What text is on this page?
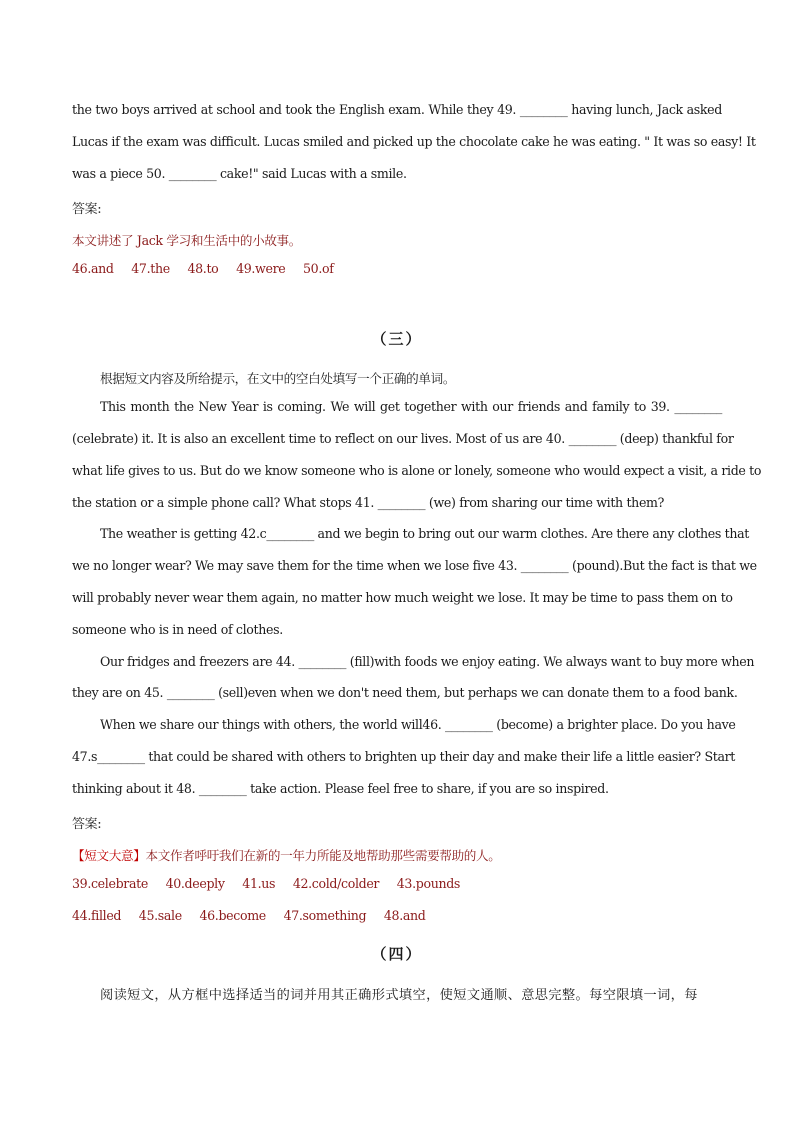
the two boys arrived at school and took the English exam. While they 49. ________ having lunch, Jack asked
Lucas if the exam was difficult. Lucas smiled and picked up the chocolate cake he was eating. " It was so easy! It
was a piece 50. ________ cake!" said Lucas with a smile.
答案:
本文讲述了 Jack 学习和生活中的小故事。
46.and 47.the 48.to 49.were 50.of
（三）
根据短文内容及所给提示，在文中的空白处填写一个正确的单词。
This month the New Year is coming. We will get together with our friends and family to 39. ________
(celebrate) it. It is also an excellent time to reflect on our lives. Most of us are 40. ________ (deep) thankful for
what life gives to us. But do we know someone who is alone or lonely, someone who would expect a visit, a ride to
the station or a simple phone call? What stops 41. ________ (we) from sharing our time with them?
The weather is getting 42.c________ and we begin to bring out our warm clothes. Are there any clothes that
we no longer wear? We may save them for the time when we lose five 43. ________ (pound).But the fact is that we
will probably never wear them again, no matter how much weight we lose. It may be time to pass them on to
someone who is in need of clothes.
Our fridges and freezers are 44. ________ (fill)with foods we enjoy eating. We always want to buy more when
they are on 45. ________ (sell)even when we don't need them, but perhaps we can donate them to a food bank.
When we share our things with others, the world will46. ________ (become) a brighter place. Do you have
47.s________ that could be shared with others to brighten up their day and make their life a little easier? Start
thinking about it 48. ________ take action. Please feel free to share, if you are so inspired.
答案:
【短文大意】本文作者呼吁我们在新的一年力所能及地帮助那些需要帮助的人。
39.celebrate 40.deeply 41.us 42.cold/colder 43.pounds
44.filled 45.sale 46.become 47.something 48.and
（四）
阅读短文，从方框中选择适当的词并用其正确形式填空，使短文通顺、意思完整。每空限填一词，每
